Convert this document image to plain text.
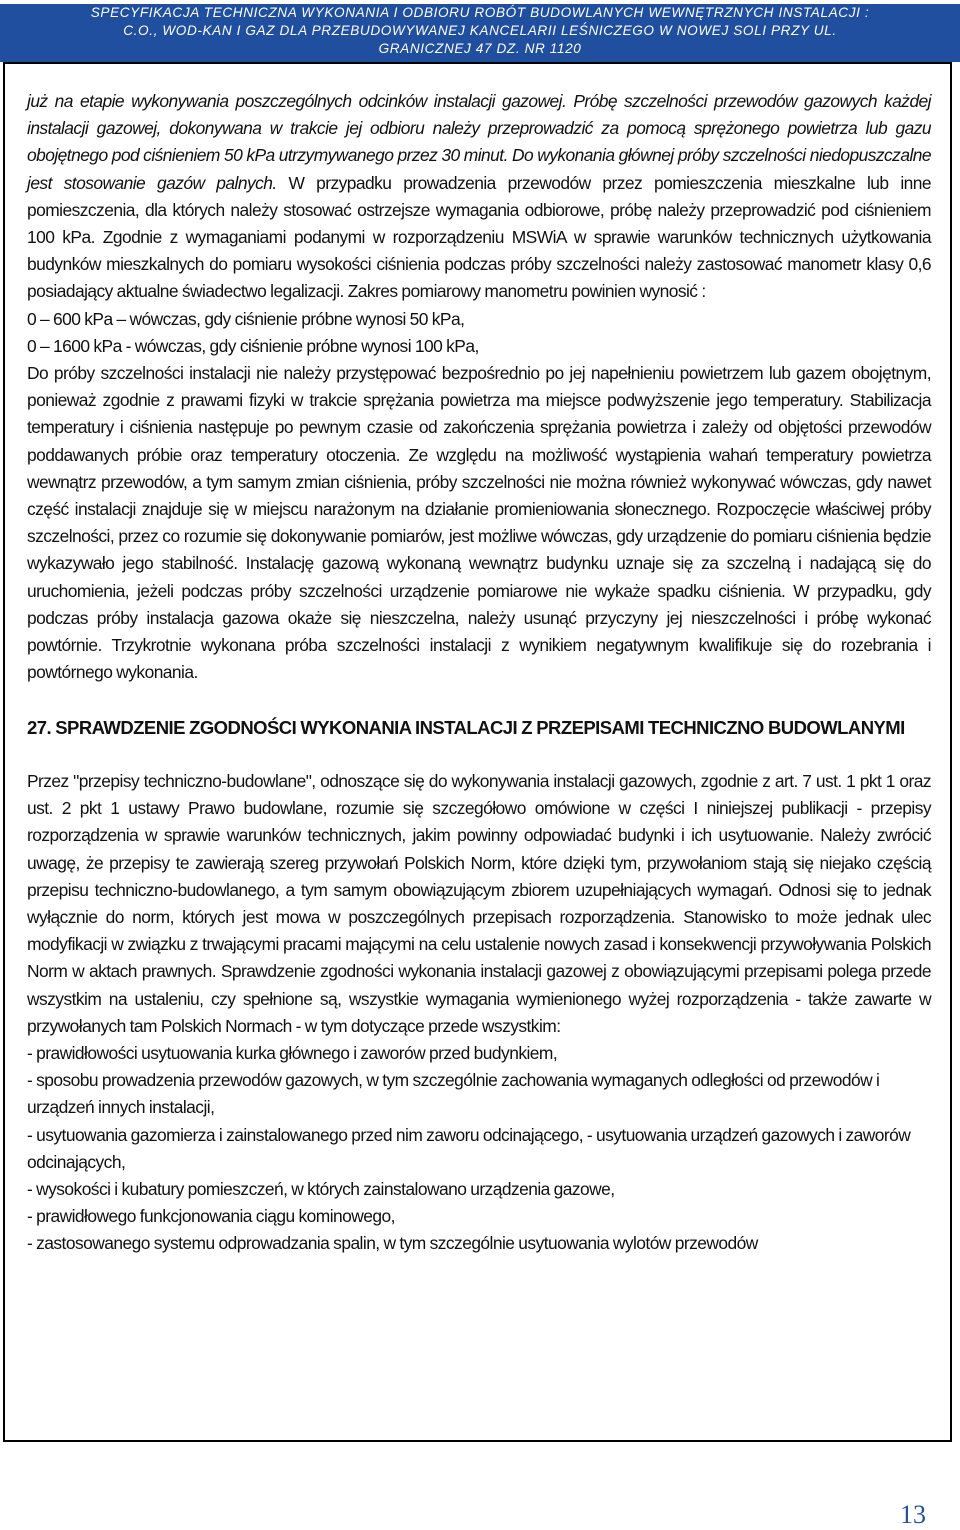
SPECYFIKACJA TECHNICZNA WYKONANIA I ODBIORU ROBÓT BUDOWLANYCH WEWNĘTRZNYCH INSTALACJI :
C.O., WOD-KAN I GAZ DLA PRZEBUDOWYWANEJ KANCELARII LEŚNICZEGO W NOWEJ SOLI PRZY UL.
GRANICZNEJ 47 DZ. NR 1120

już na etapie wykonywania poszczególnych odcinków instalacji gazowej. Próbę szczelności przewodów gazowych każdej instalacji gazowej, dokonywana w trakcie jej odbioru należy przeprowadzić za pomocą sprężonego powietrza lub gazu obojętnego pod ciśnieniem 50 kPa utrzymywanego przez 30 minut. Do wykonania głównej próby szczelności niedopuszczalne jest stosowanie gazów palnych. W przypadku prowadzenia przewodów przez pomieszczenia mieszkalne lub inne pomieszczenia, dla których należy stosować ostrzejsze wymagania odbiorowe, próbę należy przeprowadzić pod ciśnieniem 100 kPa. Zgodnie z wymaganiami podanymi w rozporządzeniu MSWiA w sprawie warunków technicznych użytkowania budynków mieszkalnych do pomiaru wysokości ciśnienia podczas próby szczelności należy zastosować manometr klasy 0,6 posiadający aktualne świadectwo legalizacji. Zakres pomiarowy manometru powinien wynosić :

0 – 600 kPa – wówczas, gdy ciśnienie próbne wynosi 50 kPa,

0 – 1600 kPa - wówczas, gdy ciśnienie próbne wynosi 100 kPa,

Do próby szczelności instalacji nie należy przystępować bezpośrednio po jej napełnieniu powietrzem lub gazem obojętnym, ponieważ zgodnie z prawami fizyki w trakcie sprężania powietrza ma miejsce podwyższenie jego temperatury. Stabilizacja temperatury i ciśnienia następuje po pewnym czasie od zakończenia sprężania powietrza i zależy od objętości przewodów poddawanych próbie oraz temperatury otoczenia. Ze względu na możliwość wystąpienia wahań temperatury powietrza wewnątrz przewodów, a tym samym zmian ciśnienia, próby szczelności nie można również wykonywać wówczas, gdy nawet część instalacji znajduje się w miejscu narażonym na działanie promieniowania słonecznego. Rozpoczęcie właściwej próby szczelności, przez co rozumie się dokonywanie pomiarów, jest możliwe wówczas, gdy urządzenie do pomiaru ciśnienia będzie wykazywało jego stabilność. Instalację gazową wykonaną wewnątrz budynku uznaje się za szczelną i nadającą się do uruchomienia, jeżeli podczas próby szczelności urządzenie pomiarowe nie wykaże spadku ciśnienia. W przypadku, gdy podczas próby instalacja gazowa okaże się nieszczelna, należy usunąć przyczyny jej nieszczelności i próbę wykonać powtórnie. Trzykrotnie wykonana próba szczelności instalacji z wynikiem negatywnym kwalifikuje się do rozebrania i powtórnego wykonania.

27. SPRAWDZENIE ZGODNOŚCI WYKONANIA INSTALACJI Z PRZEPISAMI TECHNICZNO BUDOWLANYMI

Przez "przepisy techniczno-budowlane", odnoszące się do wykonywania instalacji gazowych, zgodnie z art. 7 ust. 1 pkt 1 oraz ust. 2 pkt 1 ustawy Prawo budowlane, rozumie się szczegółowo omówione w części I niniejszej publikacji - przepisy rozporządzenia w sprawie warunków technicznych, jakim powinny odpowiadać budynki i ich usytuowanie. Należy zwrócić uwagę, że przepisy te zawierają szereg przywołań Polskich Norm, które dzięki tym, przywołaniom stają się niejako częścią przepisu techniczno-budowlanego, a tym samym obowiązującym zbiorem uzupełniających wymagań. Odnosi się to jednak wyłącznie do norm, których jest mowa w poszczególnych przepisach rozporządzenia. Stanowisko to może jednak ulec modyfikacji w związku z trwającymi pracami mającymi na celu ustalenie nowych zasad i konsekwencji przywoływania Polskich Norm w aktach prawnych. Sprawdzenie zgodności wykonania instalacji gazowej z obowiązującymi przepisami polega przede wszystkim na ustaleniu, czy spełnione są, wszystkie wymagania wymienionego wyżej rozporządzenia - także zawarte w przywołanych tam Polskich Normach - w tym dotyczące przede wszystkim:

- prawidłowości usytuowania kurka głównego i zaworów przed budynkiem,

- sposobu prowadzenia przewodów gazowych, w tym szczególnie zachowania wymaganych odległości od przewodów i urządzeń innych instalacji,

- usytuowania gazomierza i zainstalowanego przed nim zaworu odcinającego, - usytuowania urządzeń gazowych i zaworów odcinających,

- wysokości i kubatury pomieszczeń, w których zainstalowano urządzenia gazowe,

- prawidłowego funkcjonowania ciągu kominowego,

- zastosowanego systemu odprowadzania spalin, w tym szczególnie usytuowania wylotów przewodów

13
